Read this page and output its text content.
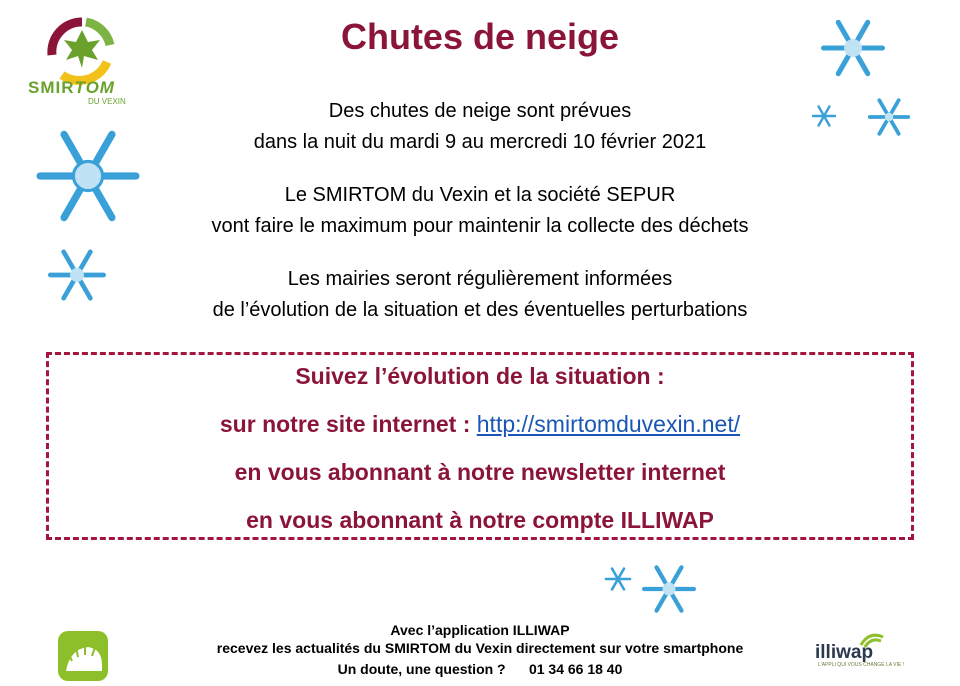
SMIRTOM
DU VEXIN
Chutes de neige
Des chutes de neige sont prévues
dans la nuit du mardi 9 au mercredi 10 février 2021
Le SMIRTOM du Vexin et la société SEPUR
vont faire le maximum pour maintenir la collecte des déchets
Les mairies seront régulièrement informées
de l’évolution de la situation et des éventuelles perturbations
Suivez l’évolution de la situation :
sur notre site internet : http://smirtomduvexin.net/
en vous abonnant à notre newsletter internet
en vous abonnant à notre compte ILLIWAP
Avec l’application ILLIWAP
recevez les actualités du SMIRTOM du Vexin directement sur votre smartphone
Un doute, une question ?      01 34 66 18 40
illiwap
L'APPLI QUI VOUS CHANGE LA VIE !
